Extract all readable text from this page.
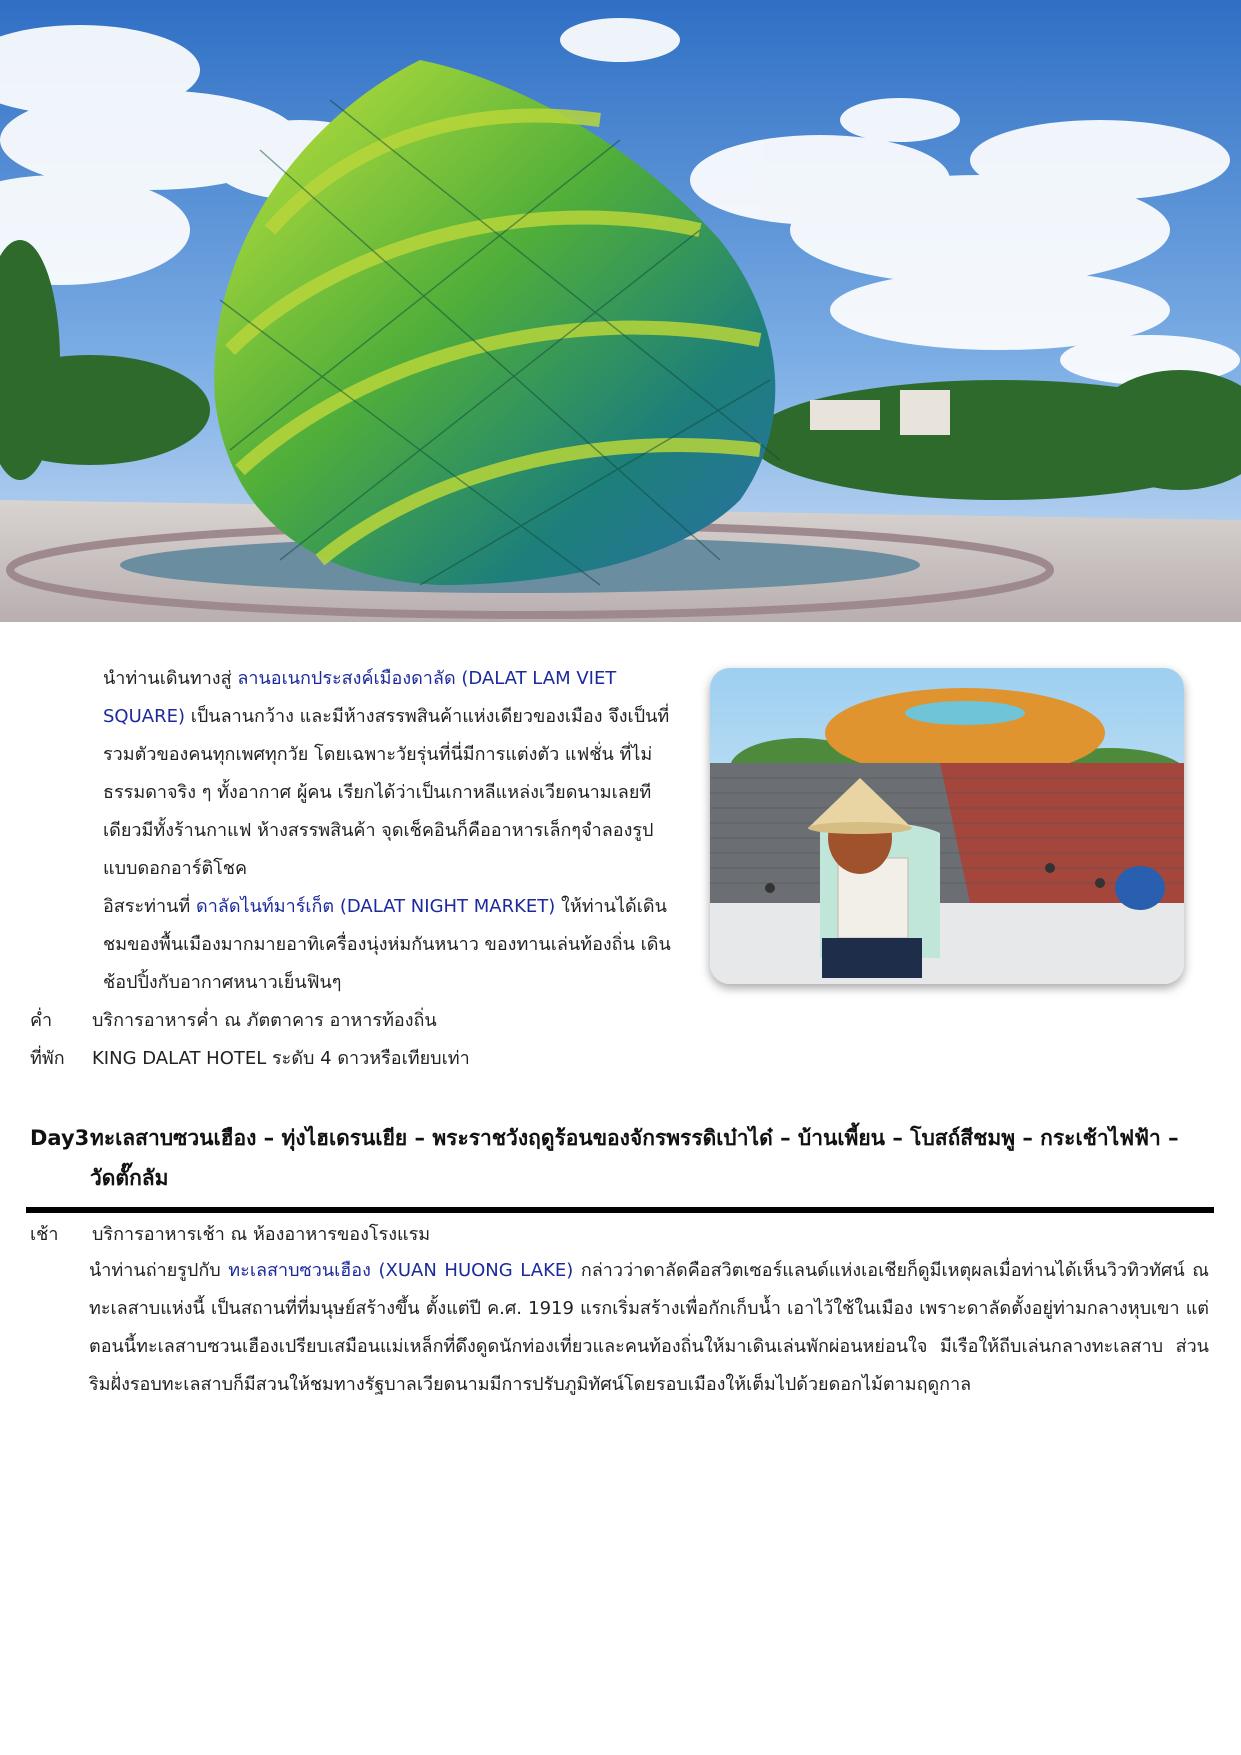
นำท่านเดินทางสู่ ลานอเนกประสงค์เมืองดาลัด (DALAT LAM VIET SQUARE) เป็นลานกว้าง และมีห้างสรรพสินค้าแห่งเดียวของเมือง จึงเป็นที่รวมตัวของคนทุกเพศทุกวัย โดยเฉพาะวัยรุ่นที่นี่มีการแต่งตัว แฟชั่น ที่ไม่ธรรมดาจริง ๆ ทั้งอากาศ ผู้คน เรียกได้ว่าเป็นเกาหลีแหล่งเวียดนามเลยทีเดียวมีทั้งร้านกาแฟ ห้างสรรพสินค้า จุดเช็คอินก็คืออาหารเล็กๆจำลองรูปแบบดอกอาร์ติโชค

อิสระท่านที่ ดาลัดไนท์มาร์เก็ต (DALAT NIGHT MARKET) ให้ท่านได้เดินชมของพื้นเมืองมากมายอาทิเครื่องนุ่งห่มกันหนาว ของทานเล่นท้องถิ่น เดินช้อปปิ้งกับอากาศหนาวเย็นฟินๆ

ค่ำ	บริการอาหารค่ำ ณ ภัตตาคาร อาหารท้องถิ่น
ที่พัก	KING DALAT HOTEL ระดับ 4 ดาวหรือเทียบเท่า
Day3 ทะเลสาบซวนเฮือง – ทุ่งไฮเดรนเยีย – พระราชวังฤดูร้อนของจักรพรรดิเบ๋าได๋ – บ้านเพี้ยน – โบสถ์สีชมพู – กระเช้าไฟฟ้า – วัดตั๊กลัม
เช้า	บริการอาหารเช้า ณ ห้องอาหารของโรงแรม

นำท่านถ่ายรูปกับ ทะเลสาบซวนเฮือง (XUAN HUONG LAKE) กล่าวว่าดาลัดคือสวิตเซอร์แลนด์แห่งเอเชียก็ดูมีเหตุผลเมื่อท่านได้เห็นวิวทิวทัศน์ ณ ทะเลสาบแห่งนี้ เป็นสถานที่ที่มนุษย์สร้างขึ้น ตั้งแต่ปี ค.ศ. 1919 แรกเริ่มสร้างเพื่อกักเก็บน้ำ เอาไว้ใช้ในเมือง เพราะดาลัดตั้งอยู่ท่ามกลางหุบเขา แต่ตอนนี้ทะเลสาบซวนเฮืองเปรียบเสมือนแม่เหล็กที่ดึงดูดนักท่องเที่ยวและคนท้องถิ่นให้มาเดินเล่นพักผ่อนหย่อนใจ มีเรือให้ถีบเล่นกลางทะเลสาบ ส่วนริมฝั่งรอบทะเลสาบก็มีสวนให้ชมทางรัฐบาลเวียดนามมีการปรับภูมิทัศน์โดยรอบเมืองให้เต็มไปด้วยดอกไม้ตามฤดูกาล
